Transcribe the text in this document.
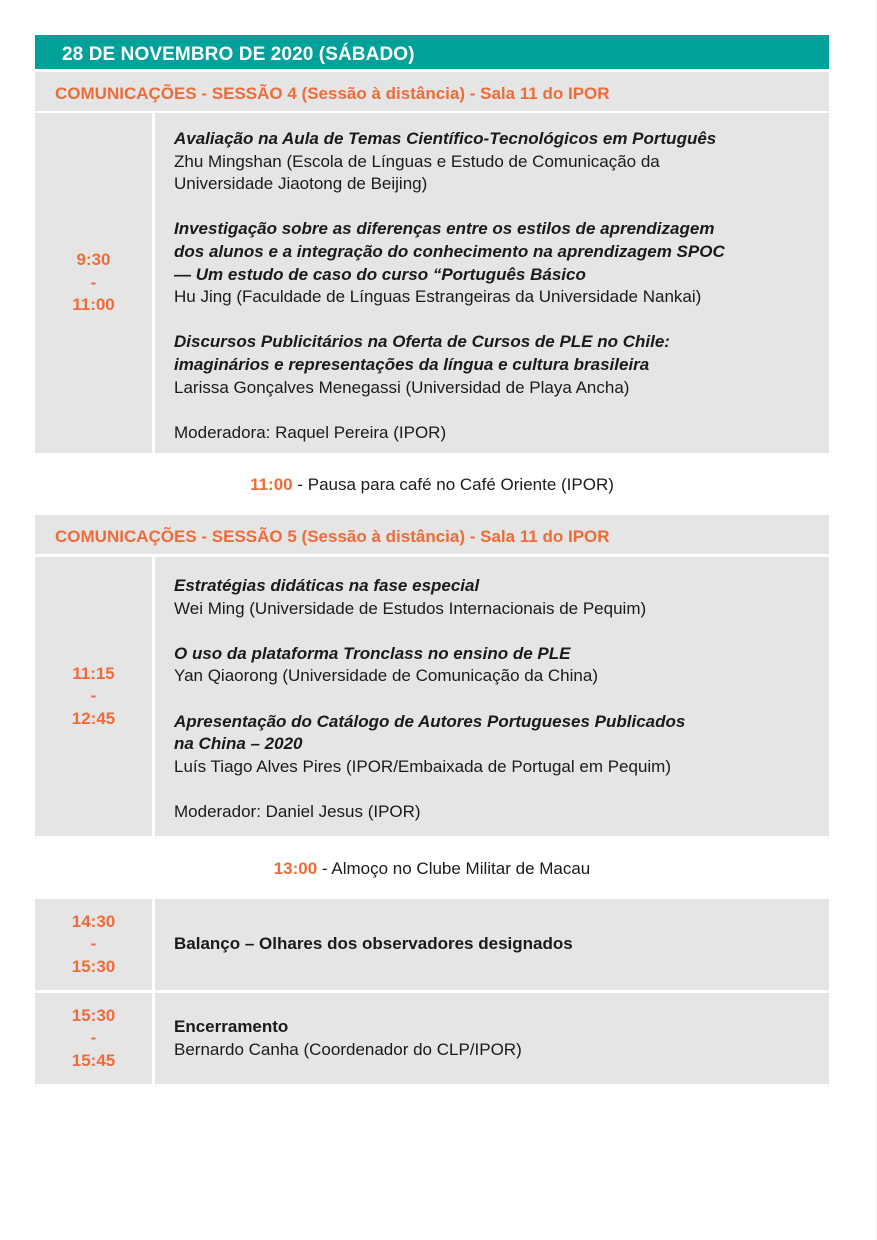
28 DE NOVEMBRO DE 2020 (SÁBADO)
COMUNICAÇÕES - SESSÃO 4 (Sessão à distância) - Sala 11 do IPOR
9:30
-
11:00
Avaliação na Aula de Temas Científico-Tecnológicos em Português
Zhu Mingshan (Escola de Línguas e Estudo de Comunicação da
Universidade Jiaotong de Beijing)
Investigação sobre as diferenças entre os estilos de aprendizagem
dos alunos e a integração do conhecimento na aprendizagem SPOC
— Um estudo de caso do curso “Português Básico
Hu Jing (Faculdade de Línguas Estrangeiras da Universidade Nankai)
Discursos Publicitários na Oferta de Cursos de PLE no Chile:
imaginários e representações da língua e cultura brasileira
Larissa Gonçalves Menegassi (Universidad de Playa Ancha)
Moderadora: Raquel Pereira (IPOR)
11:00 - Pausa para café no Café Oriente (IPOR)
COMUNICAÇÕES - SESSÃO 5 (Sessão à distância) - Sala 11 do IPOR
11:15
-
12:45
Estratégias didáticas na fase especial
Wei Ming (Universidade de Estudos Internacionais de Pequim)
O uso da plataforma Tronclass no ensino de PLE
Yan Qiaorong (Universidade de Comunicação da China)
Apresentação do Catálogo de Autores Portugueses Publicados
na China – 2020
Luís Tiago Alves Pires (IPOR/Embaixada de Portugal em Pequim)
Moderador: Daniel Jesus (IPOR)
13:00 - Almoço no Clube Militar de Macau
14:30
-
15:30
Balanço – Olhares dos observadores designados
15:30
-
15:45
Encerramento
Bernardo Canha (Coordenador do CLP/IPOR)
